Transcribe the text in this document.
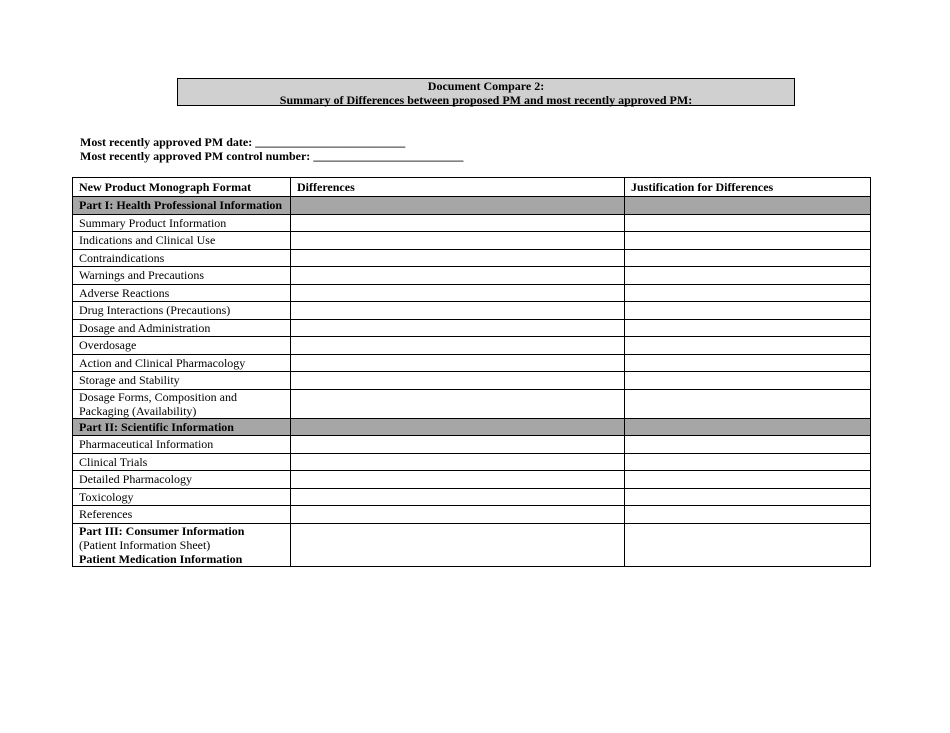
Document Compare 2:
Summary of Differences between proposed PM and most recently approved PM:
Most recently approved PM date: _________________________
Most recently approved PM control number: _________________________
New Product Monograph Format	Differences	Justification for Differences
Part I: Health Professional Information		
Summary Product Information		
Indications and Clinical Use		
Contraindications		
Warnings and Precautions		
Adverse Reactions		
Drug Interactions (Precautions)		
Dosage and Administration		
Overdosage		
Action and Clinical Pharmacology		
Storage and Stability		

Dosage Forms, Composition and
Packaging (Availability)		

Part II: Scientific Information		
Pharmaceutical Information		
Clinical Trials		
Detailed Pharmacology		
Toxicology		
References		

Part III: Consumer Information
(Patient Information Sheet)
Patient Medication Information		
